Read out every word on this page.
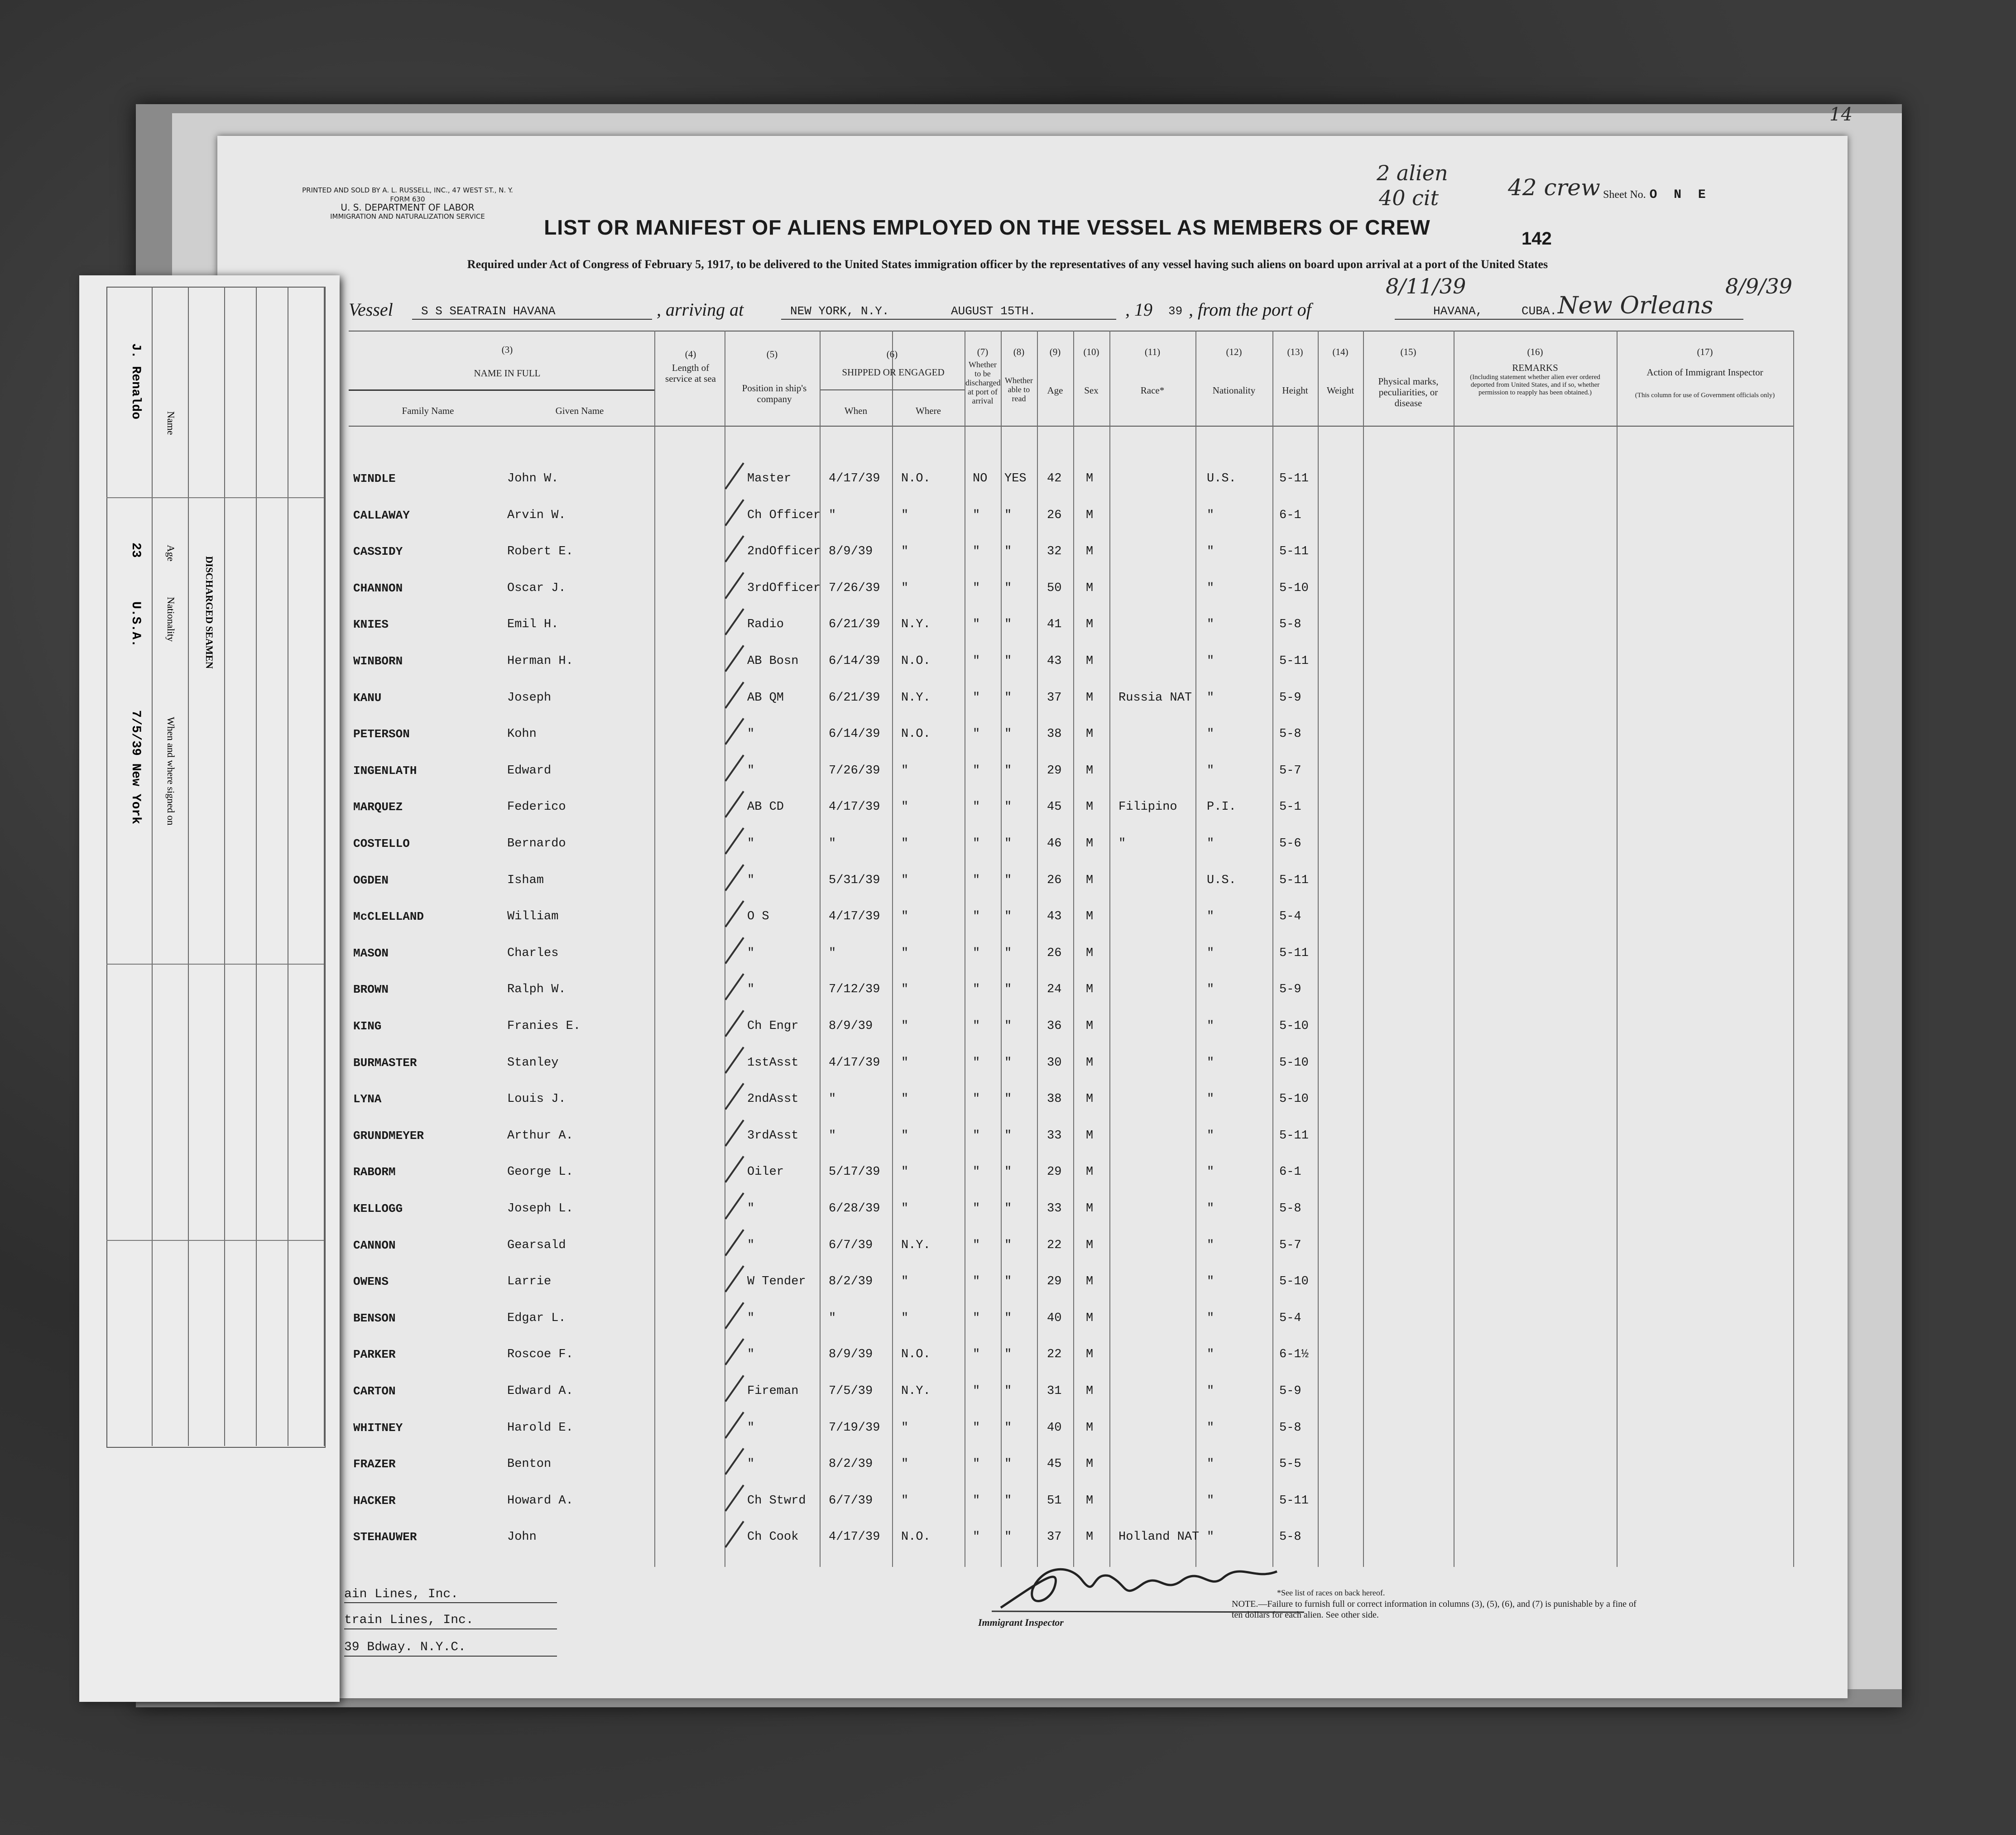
PRINTED AND SOLD BY A. L. RUSSELL, INC., 47 WEST ST., N. Y.
FORM 630
U. S. DEPARTMENT OF LABOR
IMMIGRATION AND NATURALIZATION SERVICE
2 alien
40 cit	42 crew
14
Sheet No. O N E
142
LIST OR MANIFEST OF ALIENS EMPLOYED ON THE VESSEL AS MEMBERS OF CREW
Required under Act of Congress of February 5, 1917, to be delivered to the United States immigration officer by the representatives of any vessel having such aliens on board upon arrival at a port of the United States
Vessel S S SEATRAIN HAVANA	, arriving at	NEW YORK, N.Y.	AUGUST 15TH.	, 19 39 , from the port of	HAVANA,	CUBA.
8/11/39
New Orleans
8/9/39
(3)
NAME IN FULL
Family Name	Given Name
(4)
Length of service at sea
(5)
Position in ship's company
(6)
SHIPPED OR ENGAGED
When	Where
(7)
Whether to be discharged at port of arrival
(8)
Whether able to read
(9)
Age
(10)
Sex
(11)
Race*
(12)
Nationality
(13)
Height
(14)
Weight
(15)
Physical marks, peculiarities, or disease
(16)
REMARKS
(Including statement whether alien ever ordered deported from United States, and if so, whether permission to reapply has been obtained.)
(17)
Action of Immigrant Inspector
(This column for use of Government officials only)
WINDLE	John W.	Master	4/17/39 N.O.	NO YES 42 M	U.S.	5-11
CALLAWAY	Arvin W.	Ch Officer "	"	" "	26 M	"	6-1
CASSIDY	Robert E.	2ndOfficer 8/9/39 "	" "	32 M	"	5-11
CHANNON	Oscar J.	3rdOfficer 7/26/39 "	" "	50 M	"	5-10
KNIES	Emil H.	Radio	6/21/39 N.Y.	" "	41 M	"	5-8
WINBORN	Herman H.	AB Bosn 6/14/39 N.O.	" "	43 M	"	5-11
KANU	Joseph	AB QM	6/21/39 N.Y.	" "	37 M Russia NAT "	5-9
PETERSON	Kohn	"	6/14/39 N.O.	" "	38 M	"	5-8
INGENLATH	Edward	"	7/26/39 "	" "	29 M	"	5-7
MARQUEZ	Federico	AB CD	4/17/39 "	" "	45 M Filipino P.I.	5-1
COSTELLO	Bernardo	"	"	"	" "	46 M "	"	5-6
OGDEN	Isham	"	5/31/39 "	" "	26 M	U.S.	5-11
McCLELLAND	William	O S	4/17/39 "	" "	43 M	"	5-4
MASON	Charles	"	"	"	" "	26 M	"	5-11
BROWN	Ralph W.	"	7/12/39 "	" "	24 M	"	5-9
KING	Franies E.	Ch Engr 8/9/39 "	" "	36 M	"	5-10
BURMASTER	Stanley	1stAsst 4/17/39 "	" "	30 M	"	5-10
LYNA	Louis J.	2ndAsst "	"	" "	38 M	"	5-10
GRUNDMEYER	Arthur A.	3rdAsst "	"	" "	33 M	"	5-11
RABORM	George L.	Oiler	5/17/39 "	" "	29 M	"	6-1
KELLOGG	Joseph L.	"	6/28/39 "	" "	33 M	"	5-8
CANNON	Gearsald	"	6/7/39 N.Y.	" "	22 M	"	5-7
OWENS	Larrie	W Tender 8/2/39 "	" "	29 M	"	5-10
BENSON	Edgar L.	"	"	"	" "	40 M	"	5-4
PARKER	Roscoe F.	"	8/9/39 N.O.	" "	22 M	"	6-1½
CARTON	Edward A.	Fireman 7/5/39 N.Y.	" "	31 M	"	5-9
WHITNEY	Harold E.	"	7/19/39 "	" "	40 M	"	5-8
FRAZER	Benton	"	8/2/39 "	" "	45 M	"	5-5
HACKER	Howard A.	Ch Stwrd 6/7/39 "	" "	51 M	"	5-11
STEHAUWER	John	Ch Cook 4/17/39 N.O.	" "	37 M Holland NAT "	5-8
ain Lines, Inc.
train Lines, Inc.
39 Bdway. N.Y.C.
Immigrant Inspector
*See list of races on back hereof.
NOTE.—Failure to furnish full or correct information in columns (3), (5), (6), and (7) is punishable by a fine of ten dollars for each alien. See other side.
DISCHARGED SEAMEN
Name
Age
Nationality
When and where signed on
J. Renaldo
23
U.S.A.
7/5/39 New York
